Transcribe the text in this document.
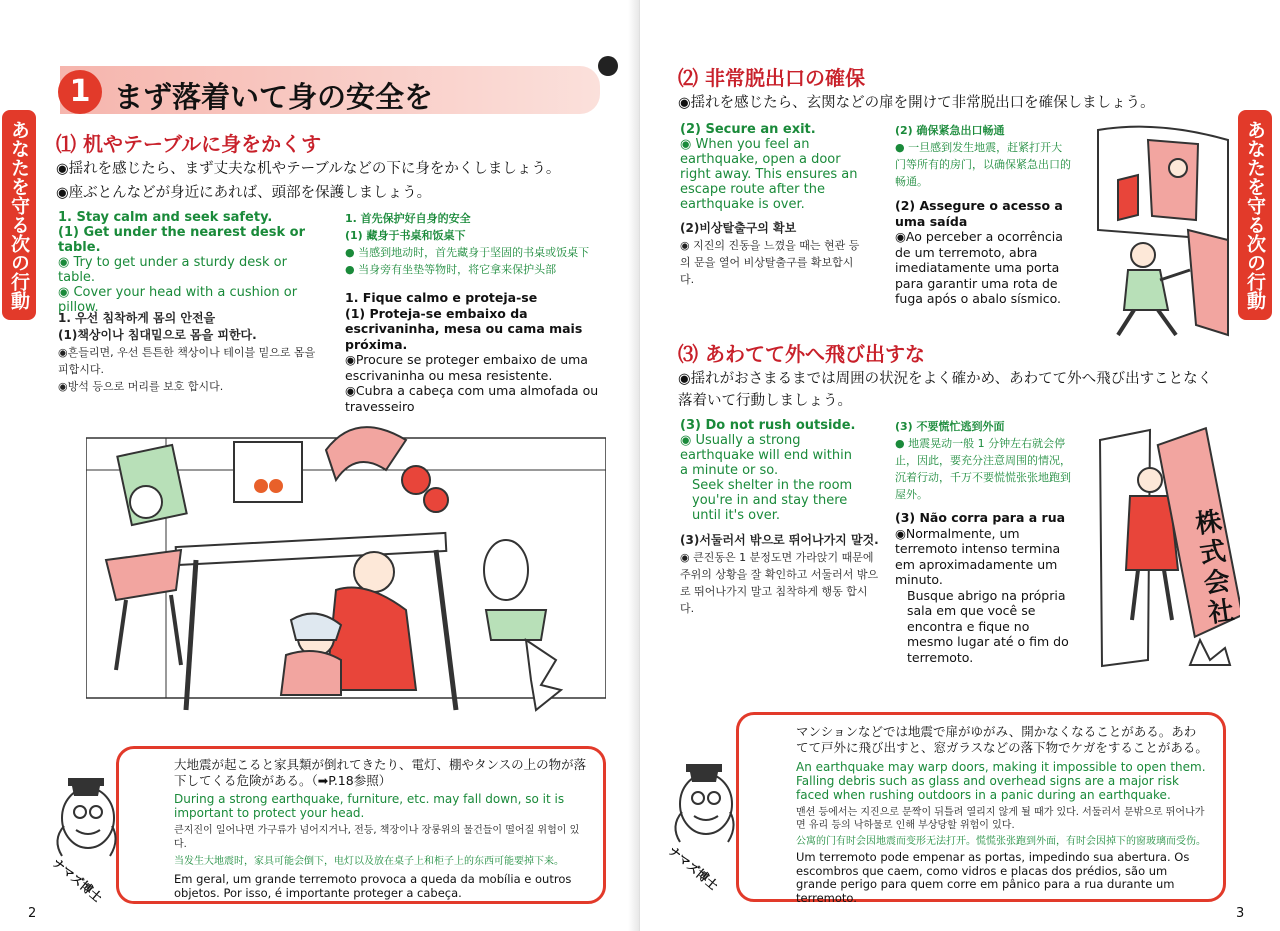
あなたを守る次の行動
1 まず落着いて身の安全を
⑴ 机やテーブルに身をかくす
◉揺れを感じたら、まず丈夫な机やテーブルなどの下に身をかくしましょう。
◉座ぶとんなどが身近にあれば、頭部を保護しましょう。
1. Stay calm and seek safety.
(1) Get under the nearest desk or table.
◉ Try to get under a sturdy desk or table.
◉ Cover your head with a cushion or pillow.
1. 우선 침착하게 몸의 안전을
(1)책상이나 침대밑으로 몸을 피한다.
◉흔들리면, 우선 튼튼한 책상이나 테이블 밑으로 몸을 피합시다.
◉방석 등으로 머리를 보호 합시다.
1. 首先保护好自身的安全
(1) 藏身于书桌和饭桌下
● 当感到地动时，首先藏身于坚固的书桌或饭桌下
● 当身旁有坐垫等物时，将它拿来保护头部
1. Fique calmo e proteja-se
(1) Proteja-se embaixo da escrivaninha, mesa ou cama mais próxima.
◉Procure se proteger embaixo de uma escrivaninha ou mesa resistente.
◉Cubra a cabeça com uma almofada ou travesseiro
ナマズ博士
大地震が起こると家具類が倒れてきたり、電灯、棚やタンスの上の物が落下してくる危険がある。（➡P.18参照）
During a strong earthquake, furniture, etc. may fall down, so it is important to protect your head.
큰지진이 일어나면 가구류가 넘어지거나, 전등, 책장이나 장롱위의 물건들이 떨어질 위험이 있다.
当发生大地震时，家具可能会倒下，电灯以及放在桌子上和柜子上的东西可能要掉下来。
Em geral, um grande terremoto provoca a queda da mobília e outros objetos. Por isso, é importante proteger a cabeça.
2
あなたを守る次の行動
⑵ 非常脱出口の確保
◉揺れを感じたら、玄関などの扉を開けて非常脱出口を確保しましょう。
(2) Secure an exit.
◉ When you feel an earthquake, open a door right away. This ensures an escape route after the earthquake is over.
(2)비상탈출구의 확보
◉ 지진의 진동을 느꼈을 때는 현관 등의 문을 열어 비상탈출구를 확보합시다.
(2) 确保紧急出口畅通
● 一旦感到发生地震，赶紧打开大门等所有的房门，以确保紧急出口的畅通。
(2) Assegure o acesso a uma saída
◉Ao perceber a ocorrência de um terremoto, abra imediatamente uma porta para garantir uma rota de fuga após o abalo sísmico.
⑶ あわてて外へ飛び出すな
◉揺れがおさまるまでは周囲の状況をよく確かめ、あわてて外へ飛び出すことなく落着いて行動しましょう。
(3) Do not rush outside.
◉ Usually a strong earthquake will end within a minute or so.
Seek shelter in the room you're in and stay there until it's over.
(3)서둘러서 밖으로 뛰어나가지 말것.
◉ 큰진동은 1 분정도면 가라앉기 때문에 주위의 상황을 잘 확인하고 서둘러서 밖으로 뛰어나가지 말고 침착하게 행동 합시다.
(3) 不要慌忙逃到外面
● 地震晃动一般 1 分钟左右就会停止，因此，要充分注意周围的情况，沉着行动，千万不要慌慌张张地跑到屋外。
(3) Não corra para a rua
◉Normalmente, um terremoto intenso termina em aproximadamente um minuto.
Busque abrigo na própria sala em que você se encontra e fique no mesmo lugar até o fim do terremoto.
株式会社
ナマズ博士
マンションなどでは地震で扉がゆがみ、開かなくなることがある。あわてて戸外に飛び出すと、窓ガラスなどの落下物でケガをすることがある。
An earthquake may warp doors, making it impossible to open them. Falling debris such as glass and overhead signs are a major risk faced when rushing outdoors in a panic during an earthquake.
맨션 등에서는 지진으로 문짝이 뒤틀려 열리지 않게 될 때가 있다. 서둘러서 문밖으로 뛰어나가면 유리 등의 낙하물로 인해 부상당할 위험이 있다.
公寓的门有时会因地震而变形无法打开。慌慌张张跑到外面，有时会因掉下的窗玻璃而受伤。
Um terremoto pode empenar as portas, impedindo sua abertura. Os escombros que caem, como vidros e placas dos prédios, são um grande perigo para quem corre em pânico para a rua durante um terremoto.
3
